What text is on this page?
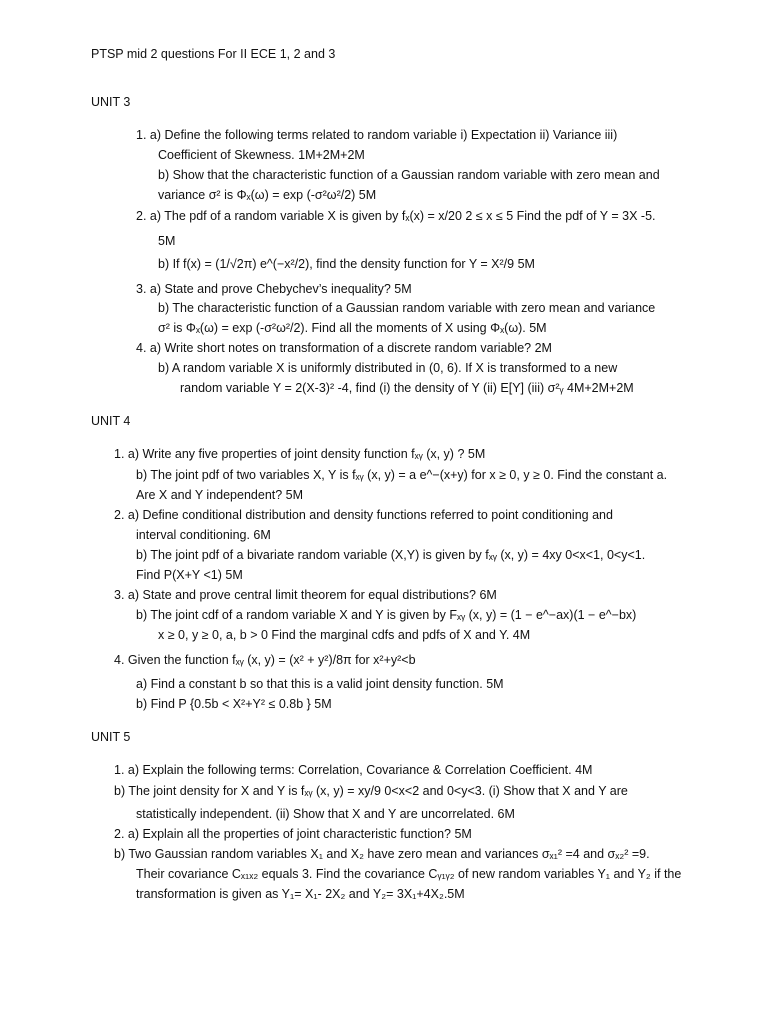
PTSP mid 2 questions For II ECE 1, 2 and 3
UNIT 3
1. a) Define the following terms related to random variable i) Expectation ii) Variance iii)
Coefficient of Skewness. 1M+2M+2M
b) Show that the characteristic function of a Gaussian random variable with zero mean and
variance σ² is Φₓ(ω) = exp (-σ²ω²/2) 5M
2. a) The pdf of a random variable X is given by fₓ(x) = x/20 2 ≤ x ≤ 5 Find the pdf of Y = 3X -5.
5M
b) If f(x) = (1/√2π) e^(−x²/2), find the density function for Y = X²/9 5M
3. a) State and prove Chebychev’s inequality? 5M
b) The characteristic function of a Gaussian random variable with zero mean and variance
σ² is Φₓ(ω) = exp (-σ²ω²/2). Find all the moments of X using Φₓ(ω). 5M
4. a) Write short notes on transformation of a discrete random variable? 2M
b) A random variable X is uniformly distributed in (0, 6). If X is transformed to a new
random variable Y = 2(X-3)² -4, find (i) the density of Y (ii) E[Y] (iii) σ²ᵧ 4M+2M+2M
UNIT 4
1. a) Write any five properties of joint density function fₓᵧ (x, y) ? 5M
b) The joint pdf of two variables X, Y is fₓᵧ (x, y) = a e^−(x+y) for x ≥ 0, y ≥ 0. Find the constant a.
Are X and Y independent? 5M
2. a) Define conditional distribution and density functions referred to point conditioning and
interval conditioning. 6M
b) The joint pdf of a bivariate random variable (X,Y) is given by fₓᵧ (x, y) = 4xy 0<x<1, 0<y<1.
Find P(X+Y <1) 5M
3. a) State and prove central limit theorem for equal distributions? 6M
b) The joint cdf of a random variable X and Y is given by Fₓᵧ (x, y) = (1 − e^−ax)(1 − e^−bx)
x ≥ 0, y ≥ 0, a, b > 0 Find the marginal cdfs and pdfs of X and Y. 4M
4. Given the function fₓᵧ (x, y) = (x² + y²)/8π for x²+y²<b
a) Find a constant b so that this is a valid joint density function. 5M
b) Find P {0.5b < X²+Y² ≤ 0.8b } 5M
UNIT 5
1. a) Explain the following terms: Correlation, Covariance & Correlation Coefficient. 4M
b) The joint density for X and Y is fₓᵧ (x, y) = xy/9 0<x<2 and 0<y<3. (i) Show that X and Y are
statistically independent. (ii) Show that X and Y are uncorrelated. 6M
2. a) Explain all the properties of joint characteristic function? 5M
b) Two Gaussian random variables X₁ and X₂ have zero mean and variances σₓ₁² =4 and σₓ₂² =9.
Their covariance Cₓ₁ₓ₂ equals 3. Find the covariance Cᵧ₁ᵧ₂ of new random variables Y₁ and Y₂ if the
transformation is given as Y₁= X₁- 2X₂ and Y₂= 3X₁+4X₂.5M
